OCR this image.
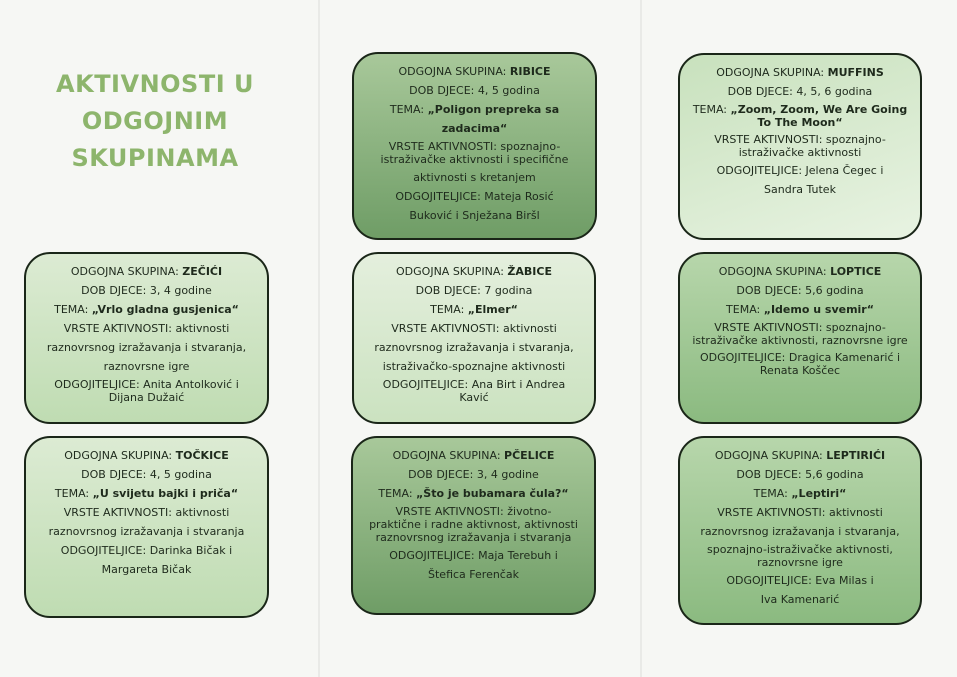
AKTIVNOSTI U
ODGOJNIM
SKUPINAMA
ODGOJNA SKUPINA: RIBICE
DOB DJECE: 4, 5 godina
TEMA: „Poligon prepreka sa zadacima“
VRSTE AKTIVNOSTI: spoznajno-
istraživačke aktivnosti i specifične
aktivnosti s kretanjem
ODGOJITELJICE: Mateja Rosić
Buković i Snježana Biršl
ODGOJNA SKUPINA: MUFFINS
DOB DJECE: 4, 5, 6 godina
TEMA: „Zoom, Zoom, We Are Going
To The Moon“
VRSTE AKTIVNOSTI: spoznajno-
istraživačke aktivnosti
ODGOJITELJICE: Jelena Čegec i
Sandra Tutek
ODGOJNA SKUPINA: ZEČIĆI
DOB DJECE: 3, 4 godine
TEMA: „Vrlo gladna gusjenica“
VRSTE AKTIVNOSTI: aktivnosti
raznovrsnog izražavanja i stvaranja,
raznovrsne igre
ODGOJITELJICE: Anita Antolković i
Dijana Dužaić
ODGOJNA SKUPINA: ŽABICE
DOB DJECE: 7 godina
TEMA: „Elmer“
VRSTE AKTIVNOSTI: aktivnosti
raznovrsnog izražavanja i stvaranja,
istraživačko-spoznajne aktivnosti
ODGOJITELJICE: Ana Birt i Andrea
Kavić
ODGOJNA SKUPINA: LOPTICE
DOB DJECE: 5,6 godina
TEMA: „Idemo u svemir“
VRSTE AKTIVNOSTI: spoznajno-
istraživačke aktivnosti, raznovrsne igre
ODGOJITELJICE: Dragica Kamenarić i
Renata Koščec
ODGOJNA SKUPINA: TOČKICE
DOB DJECE: 4, 5 godina
TEMA: „U svijetu bajki i priča“
VRSTE AKTIVNOSTI: aktivnosti
raznovrsnog izražavanja i stvaranja
ODGOJITELJICE: Darinka Bičak i
Margareta Bičak
ODGOJNA SKUPINA: PČELICE
DOB DJECE: 3, 4 godine
TEMA: „Što je bubamara čula?“
VRSTE AKTIVNOSTI: životno-
praktične i radne aktivnost, aktivnosti
raznovrsnog izražavanja i stvaranja
ODGOJITELJICE: Maja Terebuh i
Štefica Ferenčak
ODGOJNA SKUPINA: LEPTIRIĆI
DOB DJECE: 5,6 godina
TEMA: „Leptiri“
VRSTE AKTIVNOSTI: aktivnosti
raznovrsnog izražavanja i stvaranja,
spoznajno-istraživačke aktivnosti,
raznovrsne igre
ODGOJITELJICE: Eva Milas i
Iva Kamenarić
